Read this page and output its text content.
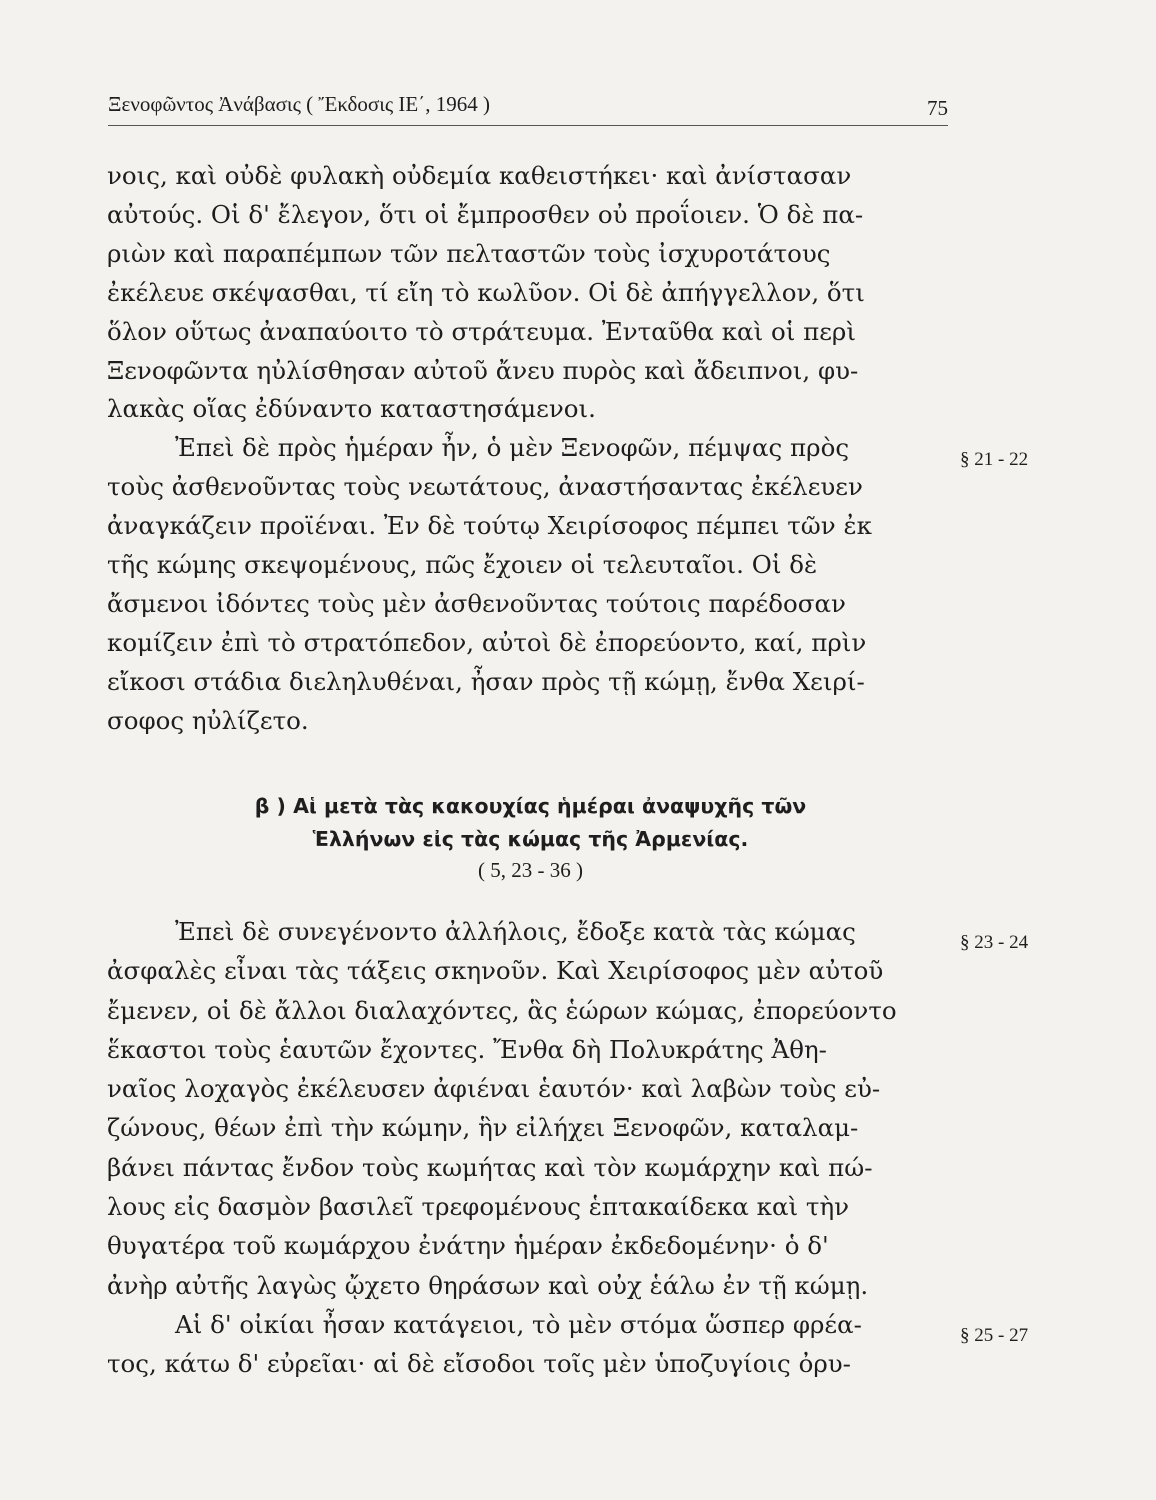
Ξενοφῶντος Ἀνάβασις ( Ἔκδοσις ΙΕ΄, 1964 )	75

νοις, καὶ οὐδὲ φυλακὴ οὐδεμία καθειστήκει· καὶ ἀνίστασαν

αὐτούς. Οἱ δ' ἔλεγον, ὅτι οἱ ἔμπροσθεν οὐ προΐοιεν. Ὁ δὲ πα-

ριὼν καὶ παραπέμπων τῶν πελταστῶν τοὺς ἰσχυροτάτους

ἐκέλευε σκέψασθαι, τί εἴη τὸ κωλῦον. Οἱ δὲ ἀπήγγελλον, ὅτι

ὅλον οὕτως ἀναπαύοιτο τὸ στράτευμα. Ἐνταῦθα καὶ οἱ περὶ

Ξενοφῶντα ηὐλίσθησαν αὐτοῦ ἄνευ πυρὸς καὶ ἄδειπνοι, φυ-

λακὰς οἵας ἐδύναντο καταστησάμενοι.

Ἐπεὶ δὲ πρὸς ἡμέραν ἦν, ὁ μὲν Ξενοφῶν, πέμψας πρὸς

τοὺς ἀσθενοῦντας τοὺς νεωτάτους, ἀναστήσαντας ἐκέλευεν

ἀναγκάζειν προϊέναι. Ἐν δὲ τούτῳ Χειρίσοφος πέμπει τῶν ἐκ

τῆς κώμης σκεψομένους, πῶς ἔχοιεν οἱ τελευταῖοι. Οἱ δὲ

ἄσμενοι ἰδόντες τοὺς μὲν ἀσθενοῦντας τούτοις παρέδοσαν

κομίζειν ἐπὶ τὸ στρατόπεδον, αὐτοὶ δὲ ἐπορεύοντο, καί, πρὶν

εἴκοσι στάδια διεληλυθέναι, ἦσαν πρὸς τῇ κώμῃ, ἔνθα Χειρί-

σοφος ηὐλίζετο.

§ 21 - 22
β ) Αἱ μετὰ τὰς κακουχίας ἡμέραι ἀναψυχῆς τῶν
Ἑλλήνων εἰς τὰς κώμας τῆς Ἀρμενίας.
( 5, 23 - 36 )

Ἐπεὶ δὲ συνεγένοντο ἀλλήλοις, ἔδοξε κατὰ τὰς κώμας

ἀσφαλὲς εἶναι τὰς τάξεις σκηνοῦν. Καὶ Χειρίσοφος μὲν αὐτοῦ

ἔμενεν, οἱ δὲ ἄλλοι διαλαχόντες, ἃς ἑώρων κώμας, ἐπορεύοντο

ἕκαστοι τοὺς ἑαυτῶν ἔχοντες. Ἔνθα δὴ Πολυκράτης Ἀθη-

ναῖος λοχαγὸς ἐκέλευσεν ἀφιέναι ἑαυτόν· καὶ λαβὼν τοὺς εὐ-

ζώνους, θέων ἐπὶ τὴν κώμην, ἣν εἰλήχει Ξενοφῶν, καταλαμ-

βάνει πάντας ἔνδον τοὺς κωμήτας καὶ τὸν κωμάρχην καὶ πώ-

λους εἰς δασμὸν βασιλεῖ τρεφομένους ἑπτακαίδεκα καὶ τὴν

θυγατέρα τοῦ κωμάρχου ἐνάτην ἡμέραν ἐκδεδομένην· ὁ δ'

ἀνὴρ αὐτῆς λαγὼς ᾤχετο θηράσων καὶ οὐχ ἑάλω ἐν τῇ κώμῃ.

Αἱ δ' οἰκίαι ἦσαν κατάγειοι, τὸ μὲν στόμα ὥσπερ φρέα-

τος, κάτω δ' εὐρεῖαι· αἱ δὲ εἴσοδοι τοῖς μὲν ὑποζυγίοις ὀρυ-

§ 23 - 24
§ 25 - 27
